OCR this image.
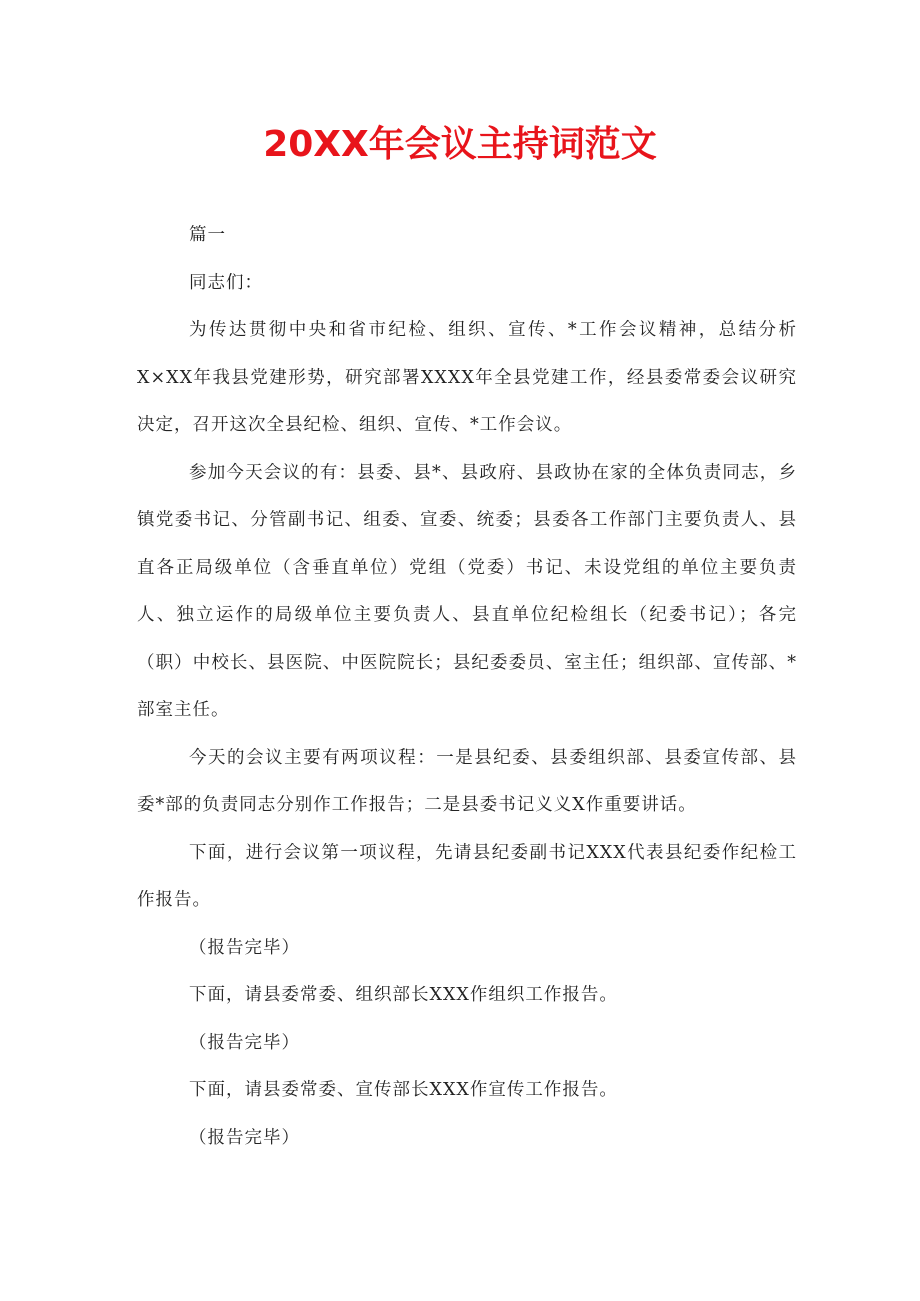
20XX年会议主持词范文

篇一

同志们：

为传达贯彻中央和省市纪检、组织、宣传、*工作会议精神，总结分析X×XX年我县党建形势，研究部署XXXX年全县党建工作，经县委常委会议研究决定，召开这次全县纪检、组织、宣传、*工作会议。

参加今天会议的有：县委、县*、县政府、县政协在家的全体负责同志，乡镇党委书记、分管副书记、组委、宣委、统委；县委各工作部门主要负责人、县直各正局级单位（含垂直单位）党组（党委）书记、未设党组的单位主要负责人、独立运作的局级单位主要负责人、县直单位纪检组长（纪委书记）；各完（职）中校长、县医院、中医院院长；县纪委委员、室主任；组织部、宣传部、*部室主任。

今天的会议主要有两项议程：一是县纪委、县委组织部、县委宣传部、县委*部的负责同志分别作工作报告；二是县委书记义义X作重要讲话。

下面，进行会议第一项议程，先请县纪委副书记XXX代表县纪委作纪检工作报告。

（报告完毕）

下面，请县委常委、组织部长XXX作组织工作报告。

（报告完毕）

下面，请县委常委、宣传部长XXX作宣传工作报告。

（报告完毕）
